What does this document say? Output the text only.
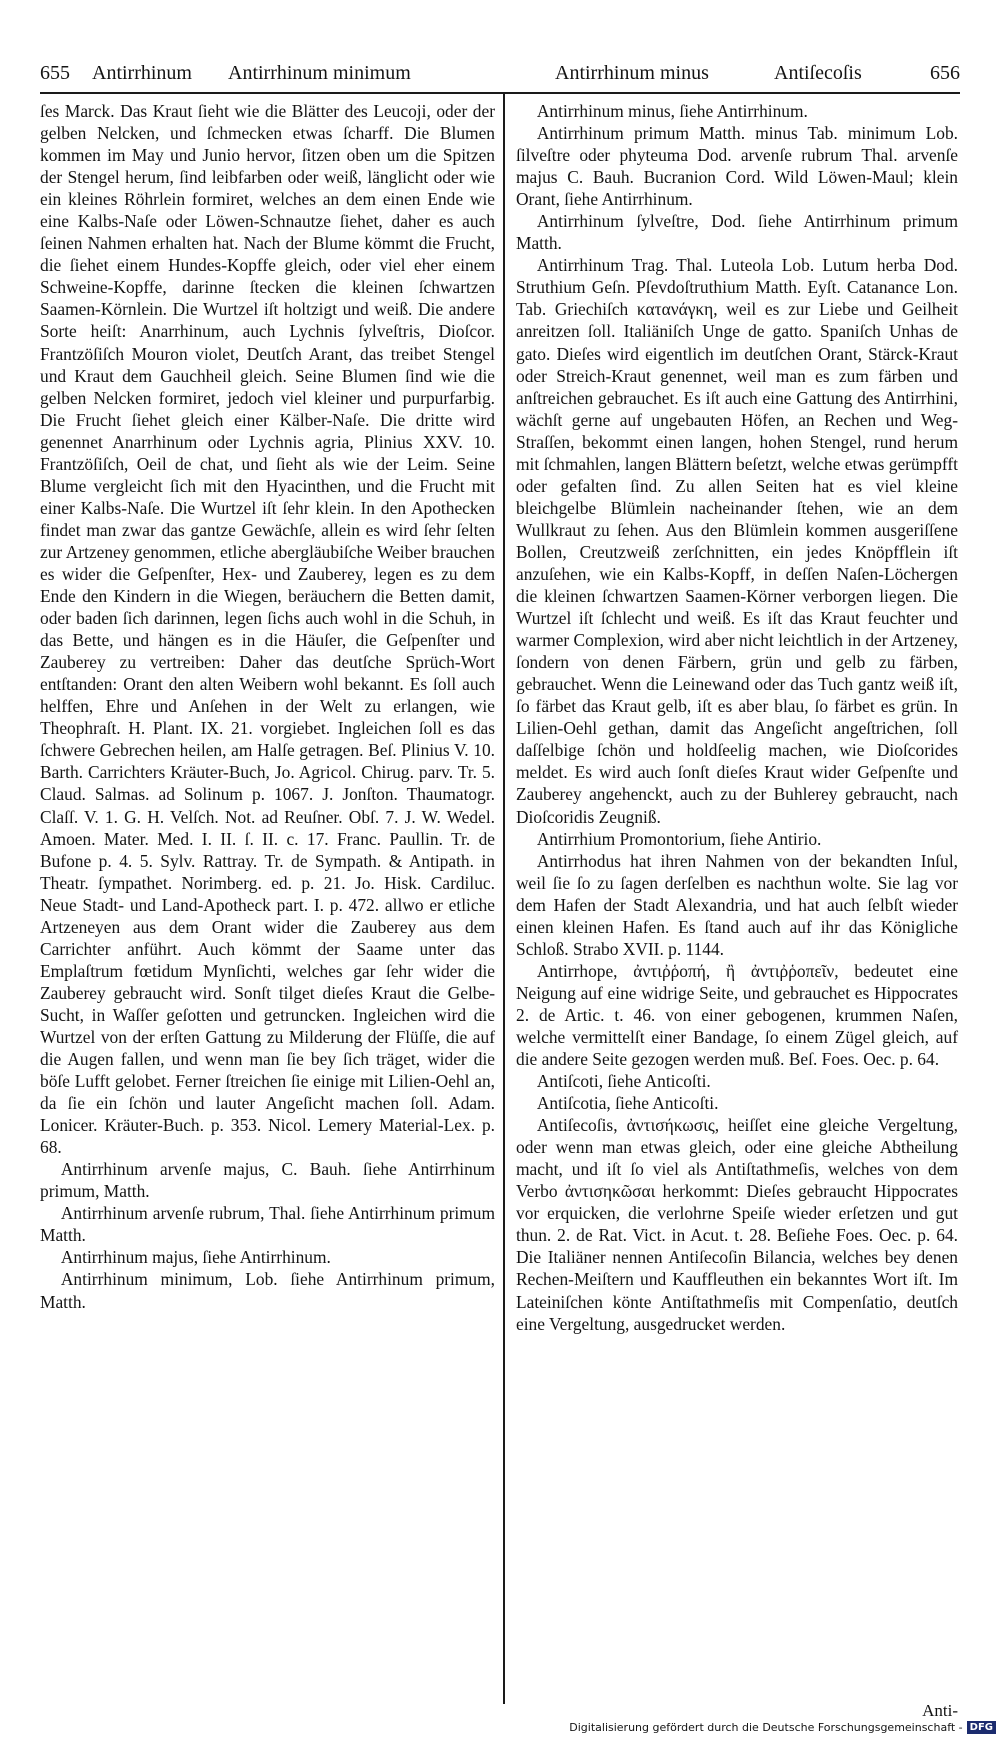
655 Antirrhinum Antirrhinum minimum	Antirrhinum minus	Antiſecoſis	656

ſes Marck. Das Kraut ſieht wie die Blätter des Leucoji, oder der gelben Nelcken, und ſchmecken etwas ſcharff. Die Blumen kommen im May und Junio hervor, ſitzen oben um die Spitzen der Stengel herum, ſind leibfarben oder weiß, länglicht oder wie ein kleines Röhrlein formiret, welches an dem einen Ende wie eine Kalbs-Naſe oder Löwen-Schnautze ſiehet, daher es auch ſeinen Nahmen erhalten hat. Nach der Blume kömmt die Frucht, die ſiehet einem Hundes-Kopffe gleich, oder viel eher einem Schweine-Kopffe, darinne ſtecken die kleinen ſchwartzen Saamen-Körnlein. Die Wurtzel iſt holtzigt und weiß. Die andere Sorte heiſt: Anarrhinum, auch Lychnis ſylveſtris, Dioſcor. Frantzöſiſch Mouron violet, Deutſch Arant, das treibet Stengel und Kraut dem Gauchheil gleich. Seine Blumen ſind wie die gelben Nelcken formiret, jedoch viel kleiner und purpurfarbig. Die Frucht ſiehet gleich einer Kälber-Naſe. Die dritte wird genennet Anarrhinum oder Lychnis agria, Plinius XXV. 10. Frantzöſiſch, Oeil de chat, und ſieht als wie der Leim. Seine Blume vergleicht ſich mit den Hyacinthen, und die Frucht mit einer Kalbs-Naſe. Die Wurtzel iſt ſehr klein. In den Apothecken findet man zwar das gantze Gewächſe, allein es wird ſehr ſelten zur Artzeney genommen, etliche abergläubiſche Weiber brauchen es wider die Geſpenſter, Hex- und Zauberey, legen es zu dem Ende den Kindern in die Wiegen, beräuchern die Betten damit, oder baden ſich darinnen, legen ſichs auch wohl in die Schuh, in das Bette, und hängen es in die Häuſer, die Geſpenſter und Zauberey zu vertreiben: Daher das deutſche Sprüch-Wort entſtanden: Orant den alten Weibern wohl bekannt. Es ſoll auch helffen, Ehre und Anſehen in der Welt zu erlangen, wie Theophraſt. H. Plant. IX. 21. vorgiebet. Ingleichen ſoll es das ſchwere Gebrechen heilen, am Halſe getragen. Beſ. Plinius V. 10. Barth. Carrichters Kräuter-Buch, Jo. Agricol. Chirug. parv. Tr. 5. Claud. Salmas. ad Solinum p. 1067. J. Jonſton. Thaumatogr. Claſſ. V. 1. G. H. Velſch. Not. ad Reuſner. Obſ. 7. J. W. Wedel. Amoen. Mater. Med. I. II. ſ. II. c. 17. Franc. Paullin. Tr. de Bufone p. 4. 5. Sylv. Rattray. Tr. de Sympath. & Antipath. in Theatr. ſympathet. Norimberg. ed. p. 21. Jo. Hisk. Cardiluc. Neue Stadt- und Land-Apotheck part. I. p. 472. allwo er etliche Artzeneyen aus dem Orant wider die Zauberey aus dem Carrichter anführt. Auch kömmt der Saame unter das Emplaſtrum fœtidum Mynſichti, welches gar ſehr wider die Zauberey gebraucht wird. Sonſt tilget dieſes Kraut die Gelbe-Sucht, in Waſſer geſotten und getruncken. Ingleichen wird die Wurtzel von der erſten Gattung zu Milderung der Flüſſe, die auf die Augen fallen, und wenn man ſie bey ſich träget, wider die böſe Lufft gelobet. Ferner ſtreichen ſie einige mit Lilien-Oehl an, da ſie ein ſchön und lauter Angeſicht machen ſoll. Adam. Lonicer. Kräuter-Buch. p. 353. Nicol. Lemery Material-Lex. p. 68.

Antirrhinum arvenſe majus, C. Bauh. ſiehe Antirrhinum primum, Matth.

Antirrhinum arvenſe rubrum, Thal. ſiehe Antirrhinum primum Matth.

Antirrhinum majus, ſiehe Antirrhinum.

Antirrhinum minimum, Lob. ſiehe Antirrhinum primum, Matth.

Antirrhinum minus, ſiehe Antirrhinum.

Antirrhinum primum Matth. minus Tab. minimum Lob. ſilveſtre oder phyteuma Dod. arvenſe rubrum Thal. arvenſe majus C. Bauh. Bucranion Cord. Wild Löwen-Maul; klein Orant, ſiehe Antirrhinum.

Antirrhinum ſylveſtre, Dod. ſiehe Antirrhinum primum Matth.

Antirrhinum Trag. Thal. Luteola Lob. Lutum herba Dod. Struthium Geſn. Pſevdoſtruthium Matth. Eyſt. Catanance Lon. Tab. Griechiſch κατανάγκη, weil es zur Liebe und Geilheit anreitzen ſoll. Italiäniſch Unge de gatto. Spaniſch Unhas de gato. Dieſes wird eigentlich im deutſchen Orant, Stärck-Kraut oder Streich-Kraut genennet, weil man es zum färben und anſtreichen gebrauchet. Es iſt auch eine Gattung des Antirrhini, wächſt gerne auf ungebauten Höfen, an Rechen und Weg-Straſſen, bekommt einen langen, hohen Stengel, rund herum mit ſchmahlen, langen Blättern beſetzt, welche etwas gerümpfft oder gefalten ſind. Zu allen Seiten hat es viel kleine bleichgelbe Blümlein nacheinander ſtehen, wie an dem Wullkraut zu ſehen. Aus den Blümlein kommen ausgeriſſene Bollen, Creutzweiß zerſchnitten, ein jedes Knöpfflein iſt anzuſehen, wie ein Kalbs-Kopff, in deſſen Naſen-Löchergen die kleinen ſchwartzen Saamen-Körner verborgen liegen. Die Wurtzel iſt ſchlecht und weiß. Es iſt das Kraut feuchter und warmer Complexion, wird aber nicht leichtlich in der Artzeney, ſondern von denen Färbern, grün und gelb zu färben, gebrauchet. Wenn die Leinewand oder das Tuch gantz weiß iſt, ſo färbet das Kraut gelb, iſt es aber blau, ſo färbet es grün. In Lilien-Oehl gethan, damit das Angeſicht angeſtrichen, ſoll daſſelbige ſchön und holdſeelig machen, wie Dioſcorides meldet. Es wird auch ſonſt dieſes Kraut wider Geſpenſte und Zauberey angehenckt, auch zu der Buhlerey gebraucht, nach Dioſcoridis Zeugniß.

Antirrhium Promontorium, ſiehe Antirio.

Antirrhodus hat ihren Nahmen von der bekandten Inſul, weil ſie ſo zu ſagen derſelben es nachthun wolte. Sie lag vor dem Hafen der Stadt Alexandria, und hat auch ſelbſt wieder einen kleinen Hafen. Es ſtand auch auf ihr das Königliche Schloß. Strabo XVII. p. 1144.

Antirrhope, ἀντιῤῥοπή, ἢ ἀντιῤῥοπεῖν, bedeutet eine Neigung auf eine widrige Seite, und gebrauchet es Hippocrates 2. de Artic. t. 46. von einer gebogenen, krummen Naſen, welche vermittelſt einer Bandage, ſo einem Zügel gleich, auf die andere Seite gezogen werden muß. Beſ. Foes. Oec. p. 64.

Antiſcoti, ſiehe Anticoſti.

Antiſcotia, ſiehe Anticoſti.

Antiſecoſis, ἀντισήκωσις, heiſſet eine gleiche Vergeltung, oder wenn man etwas gleich, oder eine gleiche Abtheilung macht, und iſt ſo viel als Antiſtathmeſis, welches von dem Verbo ἀντισηκῶσαι herkommt: Dieſes gebraucht Hippocrates vor erquicken, die verlohrne Speiſe wieder erſetzen und gut thun. 2. de Rat. Vict. in Acut. t. 28. Beſiehe Foes. Oec. p. 64. Die Italiäner nennen Antiſecoſin Bilancia, welches bey denen Rechen-Meiſtern und Kauffleuthen ein bekanntes Wort iſt. Im Lateiniſchen könte Antiſtathmeſis mit Compenſatio, deutſch eine Vergeltung, ausgedrucket werden.

Anti-
Digitalisierung gefördert durch die Deutsche Forschungsgemeinschaft - DFG
